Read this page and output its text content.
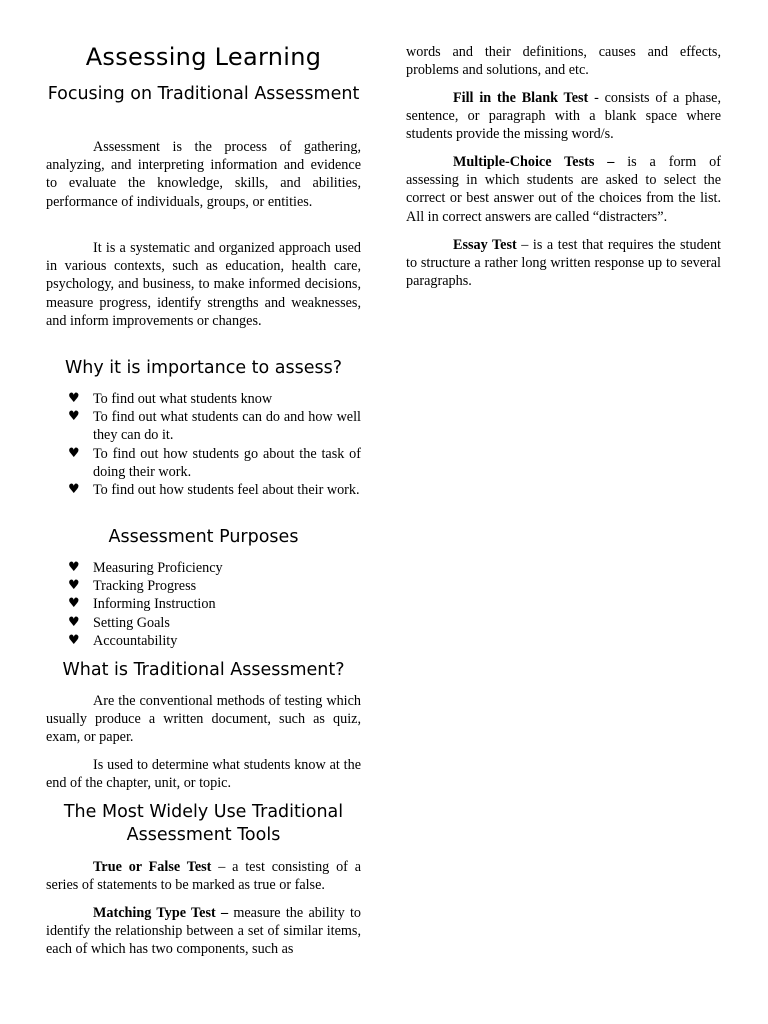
Assessing Learning
Focusing on Traditional Assessment

Assessment is the process of gathering, analyzing, and interpreting information and evidence to evaluate the knowledge, skills, and abilities, performance of individuals, groups, or entities.

It is a systematic and organized approach used in various contexts, such as education, health care, psychology, and business, to make informed decisions, measure progress, identify strengths and weaknesses, and inform improvements or changes.

Why it is importance to assess?
♥ To find out what students know
♥ To find out what students can do and how well they can do it.
♥ To find out how students go about the task of doing their work.
♥ To find out how students feel about their work.
Assessment Purposes
♥ Measuring Proficiency
♥ Tracking Progress
♥ Informing Instruction
♥ Setting Goals
♥ Accountability
What is Traditional Assessment?

Are the conventional methods of testing which usually produce a written document, such as quiz, exam, or paper.

Is used to determine what students know at the end of the chapter, unit, or topic.

The Most Widely Use Traditional Assessment Tools

True or False Test – a test consisting of a series of statements to be marked as true or false.

Matching Type Test – measure the ability to identify the relationship between a set of similar items, each of which has two components, such as

words and their definitions, causes and effects, problems and solutions, and etc.

Fill in the Blank Test - consists of a phase, sentence, or paragraph with a blank space where students provide the missing word/s.

Multiple-Choice Tests – is a form of assessing in which students are asked to select the correct or best answer out of the choices from the list. All in correct answers are called “distracters”.

Essay Test – is a test that requires the student to structure a rather long written response up to several paragraphs.
